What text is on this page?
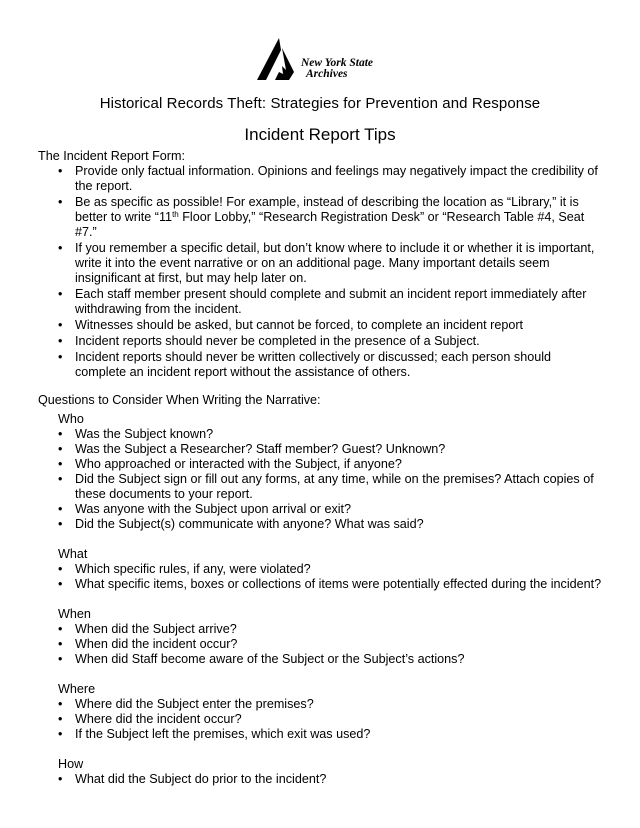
New York State
Archives
Historical Records Theft: Strategies for Prevention and Response
Incident Report Tips

The Incident Report Form:

• Provide only factual information. Opinions and feelings may negatively impact the credibility of the report.
• Be as specific as possible! For example, instead of describing the location as “Library,” it is better to write “11th Floor Lobby,” “Research Registration Desk” or “Research Table #4, Seat #7.”
• If you remember a specific detail, but don’t know where to include it or whether it is important, write it into the event narrative or on an additional page. Many important details seem insignificant at first, but may help later on.
• Each staff member present should complete and submit an incident report immediately after withdrawing from the incident.
• Witnesses should be asked, but cannot be forced, to complete an incident report
• Incident reports should never be completed in the presence of a Subject.
• Incident reports should never be written collectively or discussed; each person should complete an incident report without the assistance of others.

Questions to Consider When Writing the Narrative:

Who

• Was the Subject known?
• Was the Subject a Researcher? Staff member? Guest? Unknown?
• Who approached or interacted with the Subject, if anyone?
• Did the Subject sign or fill out any forms, at any time, while on the premises? Attach copies of these documents to your report.
• Was anyone with the Subject upon arrival or exit?
• Did the Subject(s) communicate with anyone? What was said?

What

• Which specific rules, if any, were violated?
• What specific items, boxes or collections of items were potentially effected during the incident?

When

• When did the Subject arrive?
• When did the incident occur?
• When did Staff become aware of the Subject or the Subject’s actions?

Where

• Where did the Subject enter the premises?
• Where did the incident occur?
• If the Subject left the premises, which exit was used?

How

• What did the Subject do prior to the incident?
